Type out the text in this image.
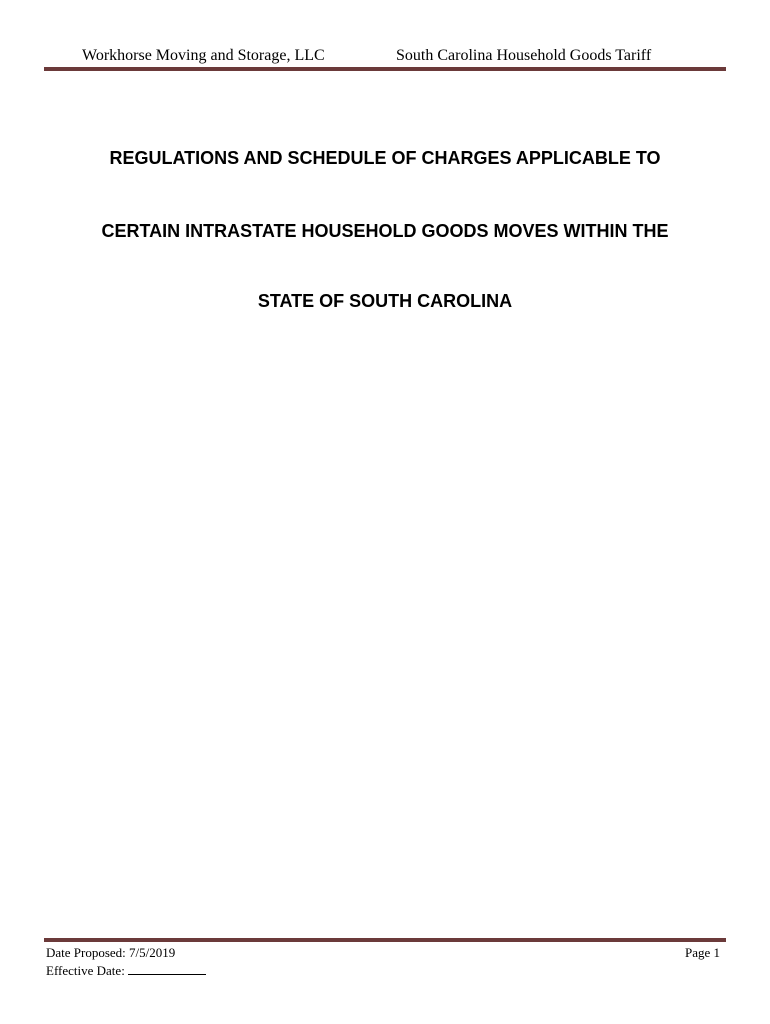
Workhorse Moving and Storage, LLC	South Carolina Household Goods Tariff
REGULATIONS AND SCHEDULE OF CHARGES APPLICABLE TO
CERTAIN INTRASTATE HOUSEHOLD GOODS MOVES WITHIN THE
STATE OF SOUTH CAROLINA
Date Proposed: 7/5/2019	Page 1
Effective Date:
